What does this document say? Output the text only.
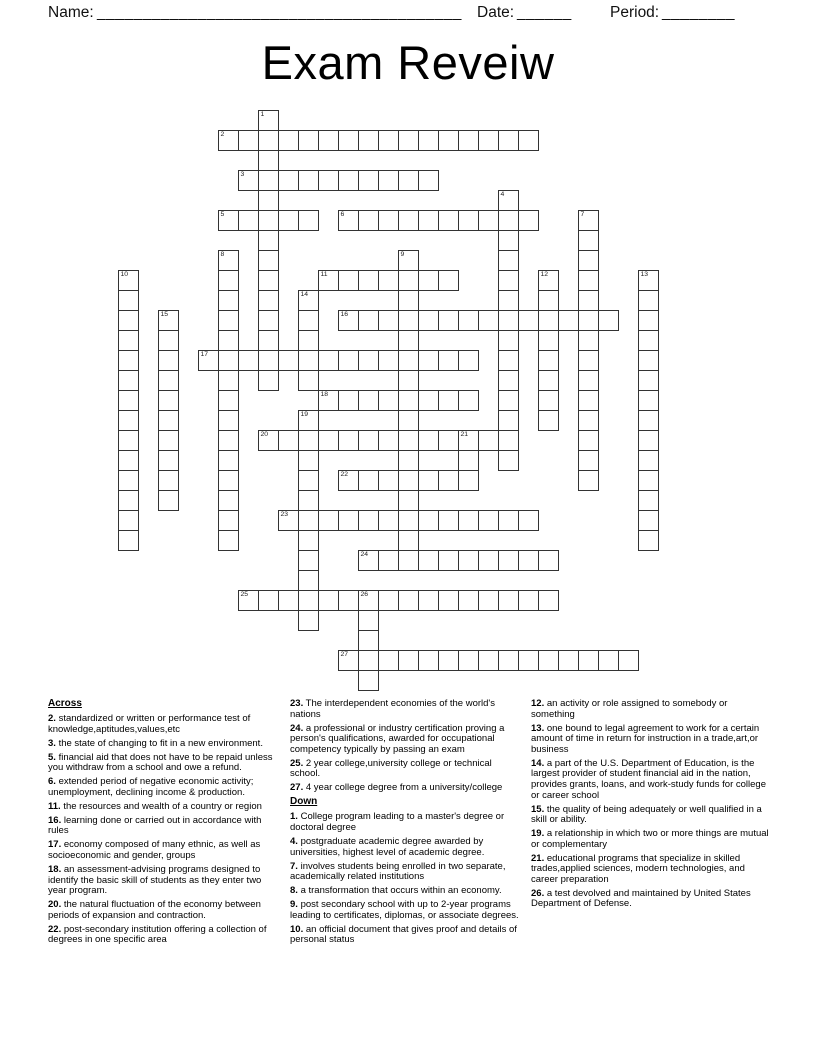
Name: ________________________________________ Date: ______ Period: ________
Exam Reveiw
1
2
3
4
5	6	7
8	9
10	11	12	13
14
15	16
17
18
19
20	21
22
23
24
25	26
27
Across

2. standardized or written or performance test of knowledge,aptitudes,values,etc

3. the state of changing to fit in a new environment.

5. financial aid that does not have to be repaid unless you withdraw from a school and owe a refund.

6. extended period of negative economic activity; unemployment, declining income & production.

11. the resources and wealth of a country or region

16. learning done or carried out in accordance with rules

17. economy composed of many ethnic, as well as socioeconomic and gender, groups

18. an assessment-advising programs designed to identify the basic skill of students as they enter two year program.

20. the natural fluctuation of the economy between periods of expansion and contraction.

22. post-secondary institution offering a collection of degrees in one specific area

23. The interdependent economies of the world's nations

24. a professional or industry certification proving a person's qualifications, awarded for occupational competency typically by passing an exam

25. 2 year college,university college or technical school.

27. 4 year college degree from a university/college

Down

1. College program leading to a master's degree or doctoral degree

4. postgraduate academic degree awarded by universities, highest level of academic degree.

7. involves students being enrolled in two separate, academically related institutions

8. a transformation that occurs within an economy.

9. post secondary school with up to 2-year programs leading to certificates, diplomas, or associate degrees.

10. an official document that gives proof and details of personal status

12. an activity or role assigned to somebody or something

13. one bound to legal agreement to work for a certain amount of time in return for instruction in a trade,art,or business

14. a part of the U.S. Department of Education, is the largest provider of student financial aid in the nation, provides grants, loans, and work-study funds for college or career school

15. the quality of being adequately or well qualified in a skill or ability.

19. a relationship in which two or more things are mutual or complementary

21. educational programs that specialize in skilled trades,applied sciences, modern technologies, and career preparation

26. a test devolved and maintained by United States Department of Defense.
